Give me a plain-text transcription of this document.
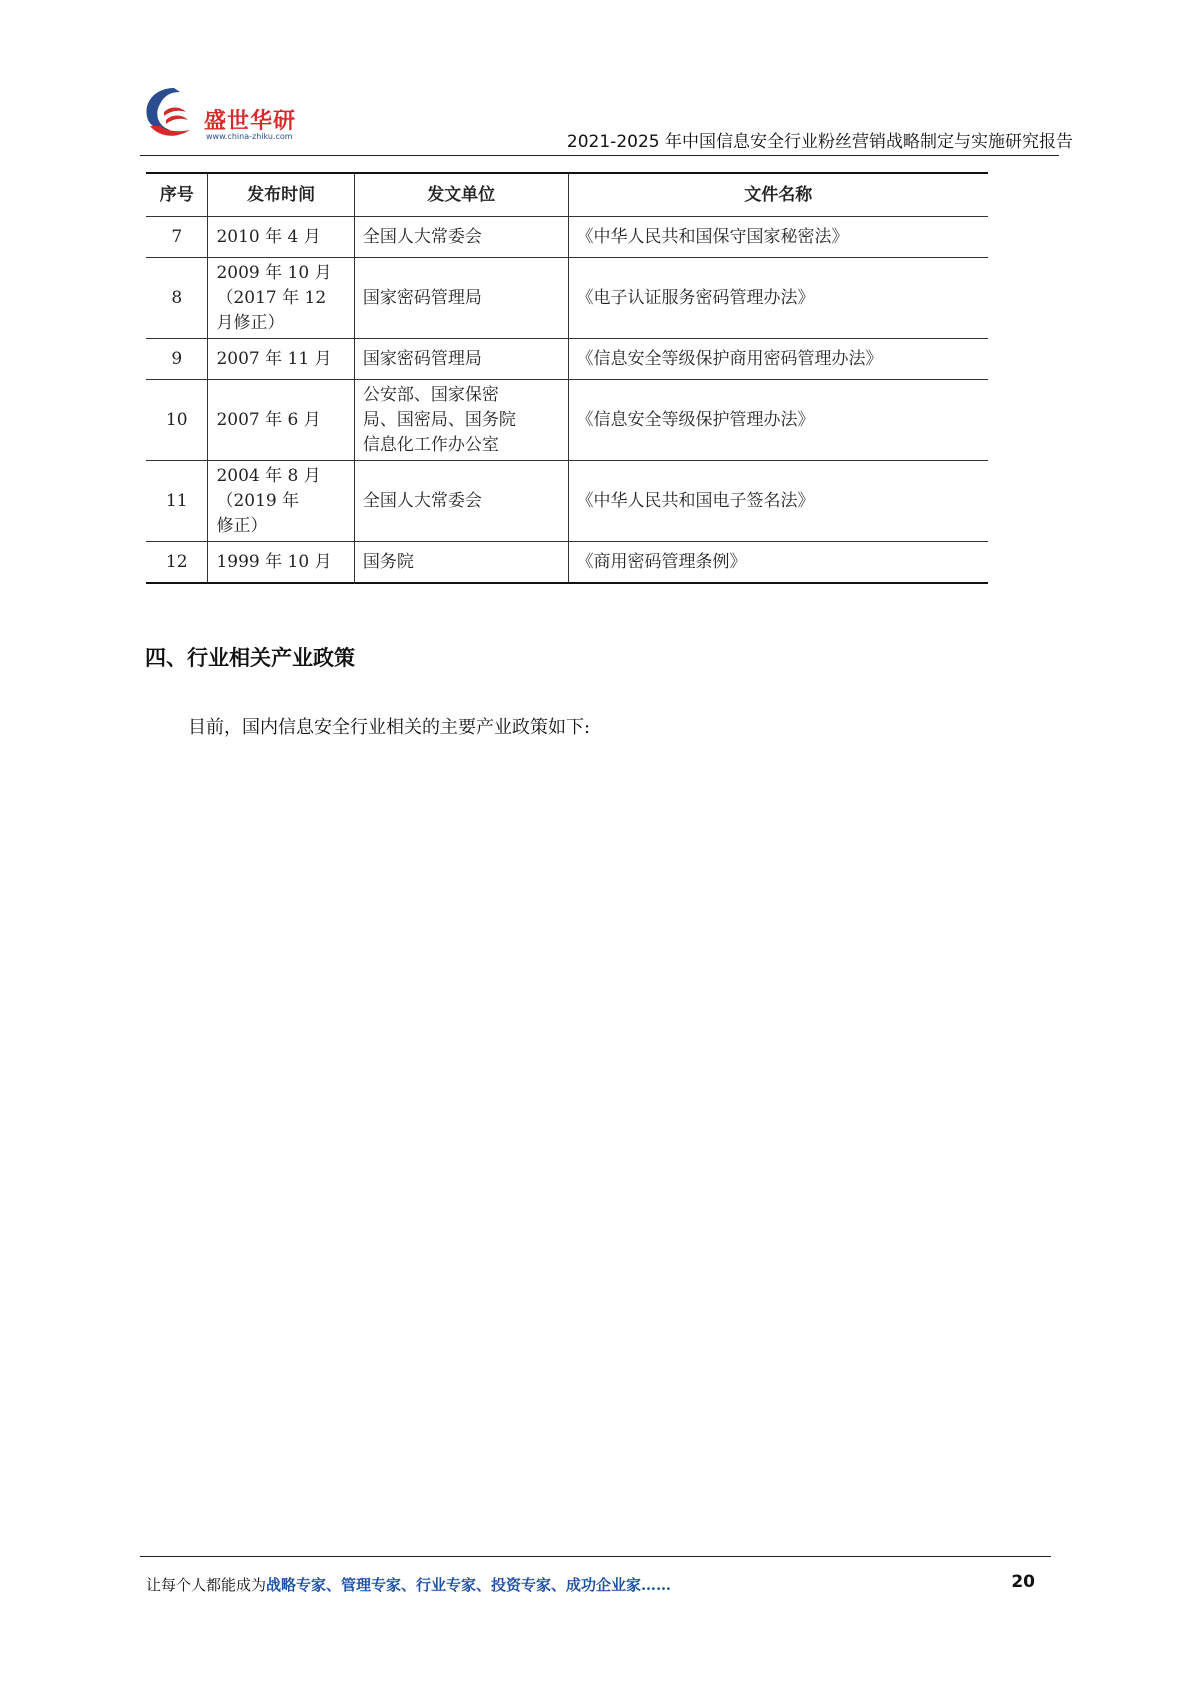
盛世华研
www.china-zhiku.com	2021-2025 年中国信息安全行业粉丝营销战略制定与实施研究报告
序号	发布时间	发文单位	文件名称
7	2010 年 4 月	全国人大常委会	《中华人民共和国保守国家秘密法》
8	2009 年 10 月
（2017 年 12
月修正）	国家密码管理局	《电子认证服务密码管理办法》
9	2007 年 11 月	国家密码管理局	《信息安全等级保护商用密码管理办法》
10	2007 年 6 月	公安部、国家保密
局、国密局、国务院
信息化工作办公室	《信息安全等级保护管理办法》
11	2004 年 8 月
（2019 年
修正）	全国人大常委会	《中华人民共和国电子签名法》
12	1999 年 10 月	国务院	《商用密码管理条例》
四、行业相关产业政策
目前，国内信息安全行业相关的主要产业政策如下:
让每个人都能成为战略专家、管理专家、行业专家、投资专家、成功企业家……	20
